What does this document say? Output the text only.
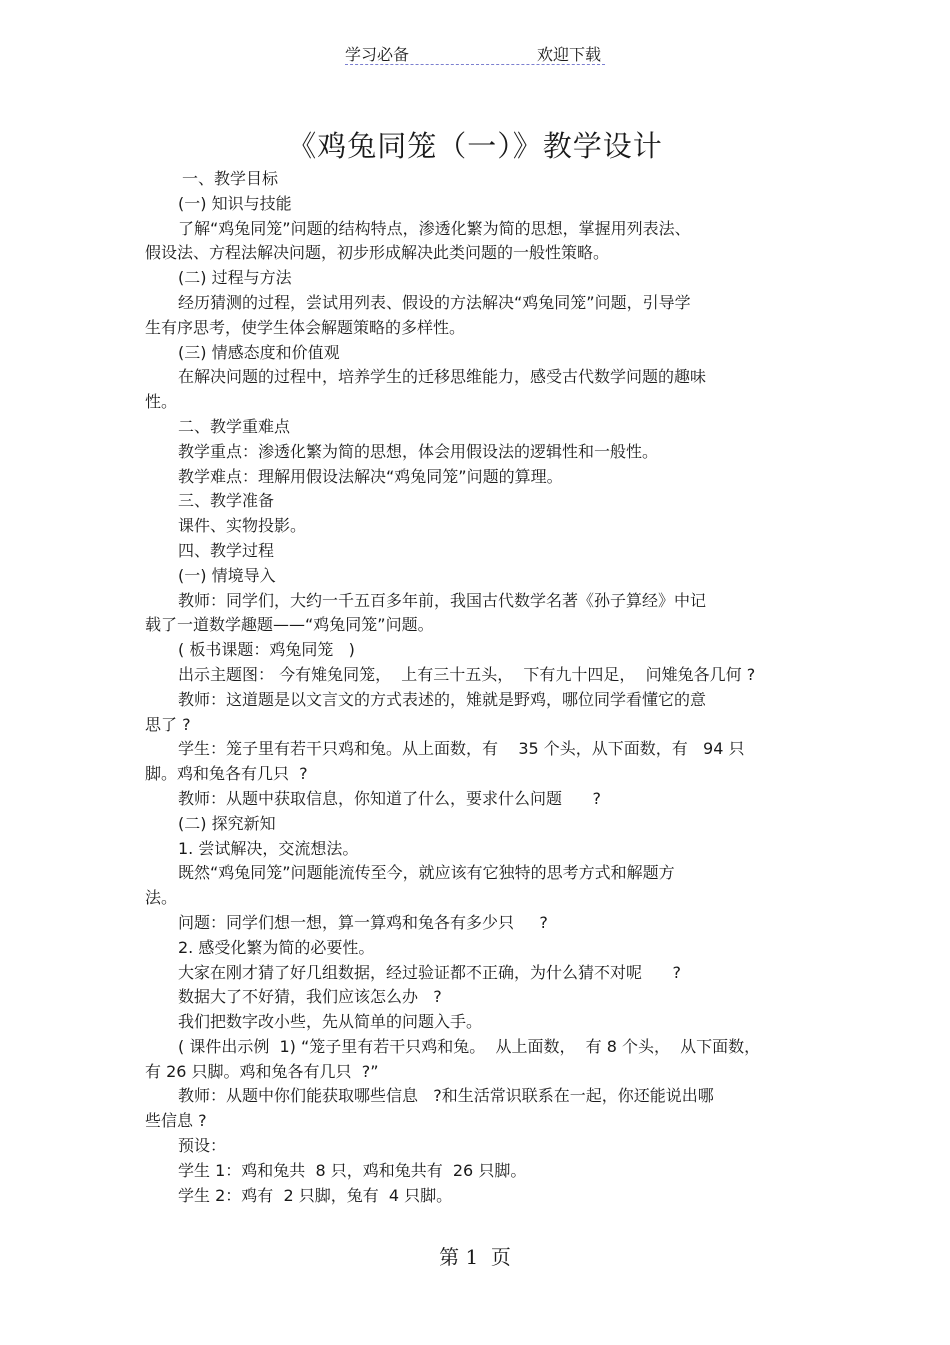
学习必备	欢迎下载
《鸡兔同笼（一）》教学设计
一、教学目标
(一) 知识与技能
了解“鸡兔同笼”问题的结构特点，渗透化繁为简的思想，掌握用列表法、
假设法、方程法解决问题，初步形成解决此类问题的一般性策略。
(二) 过程与方法
经历猜测的过程，尝试用列表、假设的方法解决“鸡兔同笼”问题，引导学
生有序思考，使学生体会解题策略的多样性。
(三) 情感态度和价值观
在解决问题的过程中，培养学生的迁移思维能力，感受古代数学问题的趣味
性。
二、教学重难点
教学重点：渗透化繁为简的思想，体会用假设法的逻辑性和一般性。
教学难点：理解用假设法解决“鸡兔同笼”问题的算理。
三、教学准备
课件、实物投影。
四、教学过程
(一) 情境导入
教师：同学们，大约一千五百多年前，我国古代数学名著《孙子算经》中记
载了一道数学趣题——“鸡兔同笼”问题。
( 板书课题：鸡兔同笼   )
出示主题图： 今有雉兔同笼，  上有三十五头，  下有九十四足，  问雉兔各几何 ?
教师：这道题是以文言文的方式表述的，雉就是野鸡，哪位同学看懂它的意
思了 ?
学生：笼子里有若干只鸡和兔。从上面数，有    35 个头，从下面数，有   94 只
脚。鸡和兔各有几只  ?
教师：从题中获取信息，你知道了什么，要求什么问题      ?
(二) 探究新知
1. 尝试解决，交流想法。
既然“鸡兔同笼”问题能流传至今，就应该有它独特的思考方式和解题方
法。
问题：同学们想一想，算一算鸡和兔各有多少只     ?
2. 感受化繁为简的必要性。
大家在刚才猜了好几组数据，经过验证都不正确，为什么猜不对呢      ?
数据大了不好猜，我们应该怎么办   ?
我们把数字改小些，先从简单的问题入手。
( 课件出示例  1) “笼子里有若干只鸡和兔。  从上面数，  有 8 个头，  从下面数，
有 26 只脚。鸡和兔各有几只  ?”
教师：从题中你们能获取哪些信息   ?和生活常识联系在一起，你还能说出哪
些信息 ?
预设：
学生 1：鸡和兔共  8 只，鸡和兔共有  26 只脚。
学生 2：鸡有  2 只脚，兔有  4 只脚。
第 1  页
